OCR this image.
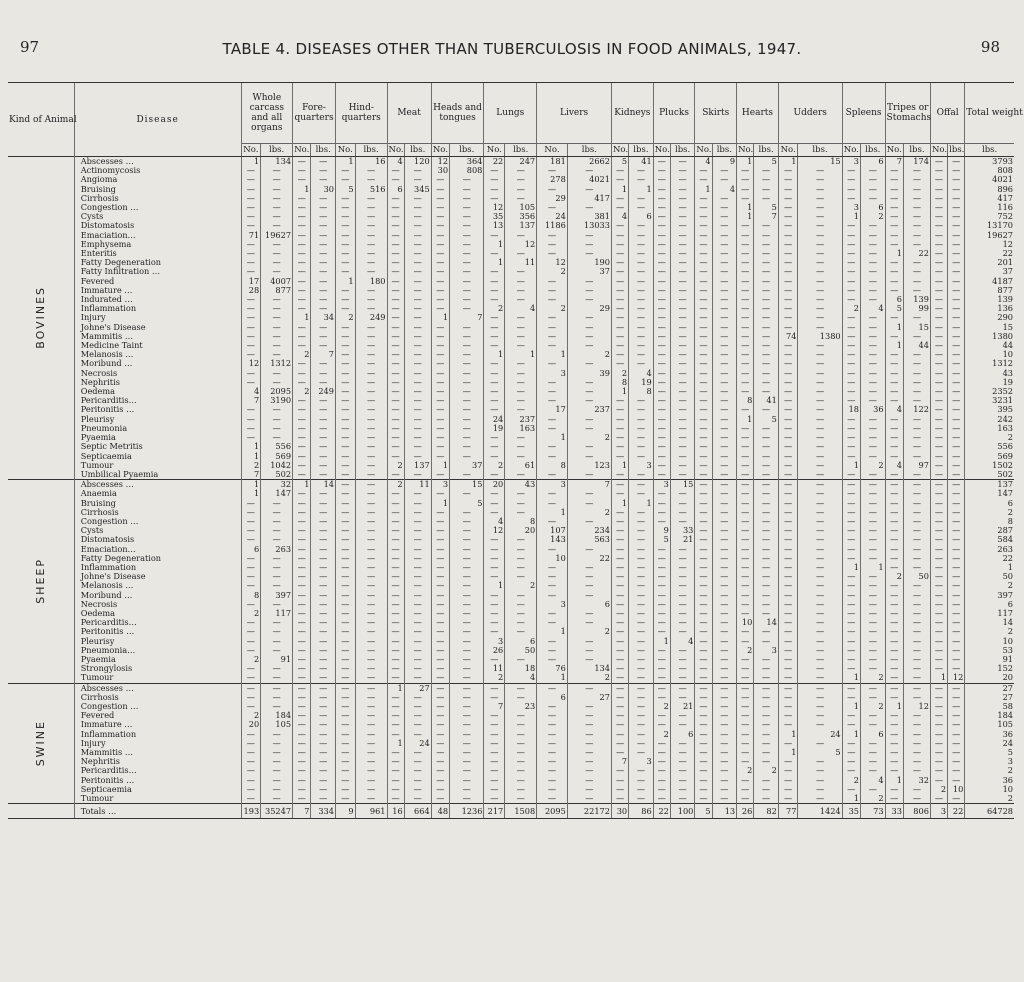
97	TABLE 4. DISEASES OTHER THAN TUBERCULOSIS IN FOOD ANIMALS, 1947.	98
Kind of Animal	Disease	Whole carcass and all organs		Fore-quarters		Hind-quarters		Meat		Heads and tongues		Lungs		Livers		Kidneys		Plucks		Skirts		Hearts		Udders		Spleens		Tripes or Stomachs		Offal		Total weight
		No.	lbs.	No.	lbs.	No.	lbs.	No.	lbs.	No.	lbs.	No.	lbs.	No.	lbs.	No.	lbs.	No.	lbs.	No.	lbs.	No.	lbs.	No.	lbs.	No.	lbs.	No.	lbs.	No.	lbs.	lbs.
BOVINES	Abscesses …	1	134	—	—	1	16	4	120	12	364	22	247	181	2662	5	41	—	—	4	9	1	5	1	15	3	6	7	174	—	—	3793
	Actinomycosis	—	—	—	—	—	—	—	—	30	808	—	—	—	—	—	—	—	—	—	—	—	—	—	—	—	—	—	—	—	—	808
	Angioma	—	—	—	—	—	—	—	—	—	—	—	—	278	4021	—	—	—	—	—	—	—	—	—	—	—	—	—	—	—	—	4021
	Bruising	—	—	1	30	5	516	6	345	—	—	—	—	—	—	1	1	—	—	1	4	—	—	—	—	—	—	—	—	—	—	896
	Cirrhosis	—	—	—	—	—	—	—	—	—	—	—	—	29	417	—	—	—	—	—	—	—	—	—	—	—	—	—	—	—	—	417
	Congestion …	—	—	—	—	—	—	—	—	—	—	12	105	—	—	—	—	—	—	—	—	1	5	—	—	3	6	—	—	—	—	116
	Cysts	—	—	—	—	—	—	—	—	—	—	35	356	24	381	4	6	—	—	—	—	1	7	—	—	1	2	—	—	—	—	752
	Distomatosis	—	—	—	—	—	—	—	—	—	—	13	137	1186	13033	—	—	—	—	—	—	—	—	—	—	—	—	—	—	—	—	13170
	Emaciation…	71	19627	—	—	—	—	—	—	—	—	—	—	—	—	—	—	—	—	—	—	—	—	—	—	—	—	—	—	—	—	19627
	Emphysema	—	—	—	—	—	—	—	—	—	—	1	12	—	—	—	—	—	—	—	—	—	—	—	—	—	—	—	—	—	—	12
	Enteritis	—	—	—	—	—	—	—	—	—	—	—	—	—	—	—	—	—	—	—	—	—	—	—	—	—	—	1	22	—	—	22
	Fatty Degeneration	—	—	—	—	—	—	—	—	—	—	1	11	12	190	—	—	—	—	—	—	—	—	—	—	—	—	—	—	—	—	201
	Fatty Infiltration …	—	—	—	—	—	—	—	—	—	—	—	—	2	37	—	—	—	—	—	—	—	—	—	—	—	—	—	—	—	—	37
	Fevered	17	4007	—	—	1	180	—	—	—	—	—	—	—	—	—	—	—	—	—	—	—	—	—	—	—	—	—	—	—	—	4187
	Immature …	28	877	—	—	—	—	—	—	—	—	—	—	—	—	—	—	—	—	—	—	—	—	—	—	—	—	—	—	—	—	877
	Indurated …	—	—	—	—	—	—	—	—	—	—	—	—	—	—	—	—	—	—	—	—	—	—	—	—	—	—	6	139	—	—	139
	Inflammation	—	—	—	—	—	—	—	—	—	—	2	4	2	29	—	—	—	—	—	—	—	—	—	—	2	4	5	99	—	—	136
	Injury	—	—	1	34	2	249	—	—	1	7	—	—	—	—	—	—	—	—	—	—	—	—	—	—	—	—	—	—	—	—	290
	Johne's Disease	—	—	—	—	—	—	—	—	—	—	—	—	—	—	—	—	—	—	—	—	—	—	—	—	—	—	1	15	—	—	15
	Mammitis …	—	—	—	—	—	—	—	—	—	—	—	—	—	—	—	—	—	—	—	—	—	—	74	1380	—	—	—	—	—	—	1380
	Medicine Taint	—	—	—	—	—	—	—	—	—	—	—	—	—	—	—	—	—	—	—	—	—	—	—	—	—	—	1	44	—	—	44
	Melanosis …	—	—	2	7	—	—	—	—	—	—	1	1	1	2	—	—	—	—	—	—	—	—	—	—	—	—	—	—	—	—	10
	Moribund …	12	1312	—	—	—	—	—	—	—	—	—	—	—	—	—	—	—	—	—	—	—	—	—	—	—	—	—	—	—	—	1312
	Necrosis	—	—	—	—	—	—	—	—	—	—	—	—	3	39	2	4	—	—	—	—	—	—	—	—	—	—	—	—	—	—	43
	Nephritis	—	—	—	—	—	—	—	—	—	—	—	—	—	—	8	19	—	—	—	—	—	—	—	—	—	—	—	—	—	—	19
	Oedema	4	2095	2	249	—	—	—	—	—	—	—	—	—	—	1	8	—	—	—	—	—	—	—	—	—	—	—	—	—	—	2352
	Pericarditis…	7	3190	—	—	—	—	—	—	—	—	—	—	—	—	—	—	—	—	—	—	8	41	—	—	—	—	—	—	—	—	3231
	Peritonitis …	—	—	—	—	—	—	—	—	—	—	—	—	17	237	—	—	—	—	—	—	—	—	—	—	18	36	4	122	—	—	395
	Pleurisy	—	—	—	—	—	—	—	—	—	—	24	237	—	—	—	—	—	—	—	—	1	5	—	—	—	—	—	—	—	—	242
	Pneumonia	—	—	—	—	—	—	—	—	—	—	19	163	—	—	—	—	—	—	—	—	—	—	—	—	—	—	—	—	—	—	163
	Pyaemia	—	—	—	—	—	—	—	—	—	—	—	—	1	2	—	—	—	—	—	—	—	—	—	—	—	—	—	—	—	—	2
	Septic Metritis	1	556	—	—	—	—	—	—	—	—	—	—	—	—	—	—	—	—	—	—	—	—	—	—	—	—	—	—	—	—	556
	Septicaemia	1	569	—	—	—	—	—	—	—	—	—	—	—	—	—	—	—	—	—	—	—	—	—	—	—	—	—	—	—	—	569
	Tumour	2	1042	—	—	—	—	2	137	1	37	2	61	8	123	1	3	—	—	—	—	—	—	—	—	1	2	4	97	—	—	1502
	Umbilical Pyaemia	7	502	—	—	—	—	—	—	—	—	—	—	—	—	—	—	—	—	—	—	—	—	—	—	—	—	—	—	—	—	502
SHEEP	Abscesses …	1	32	1	14	—	—	2	11	3	15	20	43	3	7	—	—	3	15	—	—	—	—	—	—	—	—	—	—	—	—	137
	Anaemia	1	147	—	—	—	—	—	—	—	—	—	—	—	—	—	—	—	—	—	—	—	—	—	—	—	—	—	—	—	—	147
	Bruising	—	—	—	—	—	—	—	—	1	5	—	—	—	—	1	1	—	—	—	—	—	—	—	—	—	—	—	—	—	—	6
	Cirrhosis	—	—	—	—	—	—	—	—	—	—	—	—	1	2	—	—	—	—	—	—	—	—	—	—	—	—	—	—	—	—	2
	Congestion …	—	—	—	—	—	—	—	—	—	—	4	8	—	—	—	—	—	—	—	—	—	—	—	—	—	—	—	—	—	—	8
	Cysts	—	—	—	—	—	—	—	—	—	—	12	20	107	234	—	—	9	33	—	—	—	—	—	—	—	—	—	—	—	—	287
	Distomatosis	—	—	—	—	—	—	—	—	—	—	—	—	143	563	—	—	5	21	—	—	—	—	—	—	—	—	—	—	—	—	584
	Emaciation…	6	263	—	—	—	—	—	—	—	—	—	—	—	—	—	—	—	—	—	—	—	—	—	—	—	—	—	—	—	—	263
	Fatty Degeneration	—	—	—	—	—	—	—	—	—	—	—	—	10	22	—	—	—	—	—	—	—	—	—	—	—	—	—	—	—	—	22
	Inflammation	—	—	—	—	—	—	—	—	—	—	—	—	—	—	—	—	—	—	—	—	—	—	—	—	1	1	—	—	—	—	1
	Johne's Disease	—	—	—	—	—	—	—	—	—	—	—	—	—	—	—	—	—	—	—	—	—	—	—	—	—	—	2	50	—	—	50
	Melanosis …	—	—	—	—	—	—	—	—	—	—	1	2	—	—	—	—	—	—	—	—	—	—	—	—	—	—	—	—	—	—	2
	Moribund …	8	397	—	—	—	—	—	—	—	—	—	—	—	—	—	—	—	—	—	—	—	—	—	—	—	—	—	—	—	—	397
	Necrosis	—	—	—	—	—	—	—	—	—	—	—	—	3	6	—	—	—	—	—	—	—	—	—	—	—	—	—	—	—	—	6
	Oedema	2	117	—	—	—	—	—	—	—	—	—	—	—	—	—	—	—	—	—	—	—	—	—	—	—	—	—	—	—	—	117
	Pericarditis…	—	—	—	—	—	—	—	—	—	—	—	—	—	—	—	—	—	—	—	—	10	14	—	—	—	—	—	—	—	—	14
	Peritonitis …	—	—	—	—	—	—	—	—	—	—	—	—	1	2	—	—	—	—	—	—	—	—	—	—	—	—	—	—	—	—	2
	Pleurisy	—	—	—	—	—	—	—	—	—	—	3	6	—	—	—	—	1	4	—	—	—	—	—	—	—	—	—	—	—	—	10
	Pneumonia…	—	—	—	—	—	—	—	—	—	—	26	50	—	—	—	—	—	—	—	—	2	3	—	—	—	—	—	—	—	—	53
	Pyaemia	2	91	—	—	—	—	—	—	—	—	—	—	—	—	—	—	—	—	—	—	—	—	—	—	—	—	—	—	—	—	91
	Strongylosis	—	—	—	—	—	—	—	—	—	—	11	18	76	134	—	—	—	—	—	—	—	—	—	—	—	—	—	—	—	—	152
	Tumour	—	—	—	—	—	—	—	—	—	—	2	4	1	2	—	—	—	—	—	—	—	—	—	—	1	2	—	—	1	12	20
SWINE	Abscesses …	—	—	—	—	—	—	1	27	—	—	—	—	—	—	—	—	—	—	—	—	—	—	—	—	—	—	—	—	—	—	27
	Cirrhosis	—	—	—	—	—	—	—	—	—	—	—	—	6	27	—	—	—	—	—	—	—	—	—	—	—	—	—	—	—	—	27
	Congestion …	—	—	—	—	—	—	—	—	—	—	7	23	—	—	—	—	2	21	—	—	—	—	—	—	1	2	1	12	—	—	58
	Fevered	2	184	—	—	—	—	—	—	—	—	—	—	—	—	—	—	—	—	—	—	—	—	—	—	—	—	—	—	—	—	184
	Immature …	20	105	—	—	—	—	—	—	—	—	—	—	—	—	—	—	—	—	—	—	—	—	—	—	—	—	—	—	—	—	105
	Inflammation	—	—	—	—	—	—	—	—	—	—	—	—	—	—	—	—	2	6	—	—	—	—	1	24	1	6	—	—	—	—	36
	Injury	—	—	—	—	—	—	1	24	—	—	—	—	—	—	—	—	—	—	—	—	—	—	—	—	—	—	—	—	—	—	24
	Mammitis …	—	—	—	—	—	—	—	—	—	—	—	—	—	—	—	—	—	—	—	—	—	—	1	5	—	—	—	—	—	—	5
	Nephritis	—	—	—	—	—	—	—	—	—	—	—	—	—	—	7	3	—	—	—	—	—	—	—	—	—	—	—	—	—	—	3
	Pericarditis…	—	—	—	—	—	—	—	—	—	—	—	—	—	—	—	—	—	—	—	—	2	2	—	—	—	—	—	—	—	—	2
	Peritonitis …	—	—	—	—	—	—	—	—	—	—	—	—	—	—	—	—	—	—	—	—	—	—	—	—	2	4	1	32	—	—	36
	Septicaemia	—	—	—	—	—	—	—	—	—	—	—	—	—	—	—	—	—	—	—	—	—	—	—	—	—	—	—	—	2	10	10
	Tumour	—	—	—	—	—	—	—	—	—	—	—	—	—	—	—	—	—	—	—	—	—	—	—	—	1	2	—	—	—	—	2
	Totals …	193	35247	7	334	9	961	16	664	48	1236	217	1508	2095	22172	30	86	22	100	5	13	26	82	77	1424	35	73	33	806	3	22	64728
